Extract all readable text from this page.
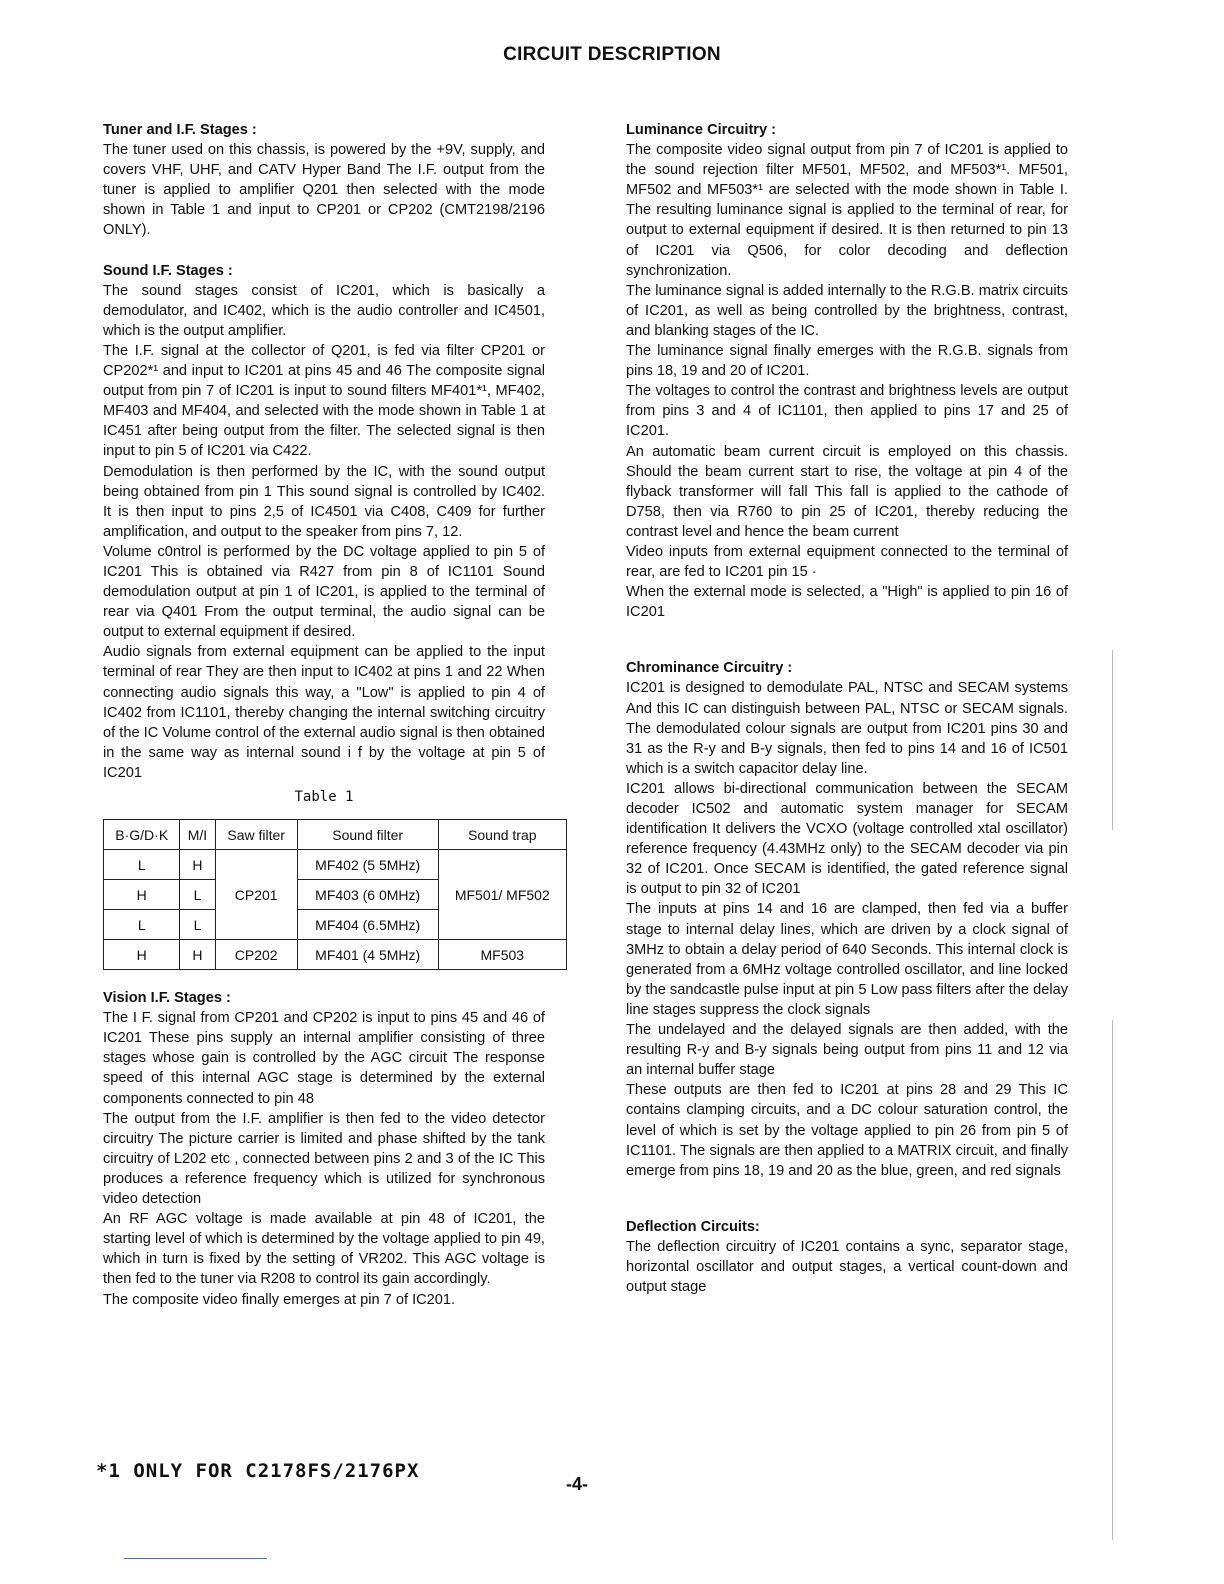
CIRCUIT DESCRIPTION

Tuner and I.F. Stages :

The tuner used on this chassis, is powered by the +9V, supply, and covers VHF, UHF, and CATV Hyper Band The I.F. output from the tuner is applied to amplifier Q201 then selected with the mode shown in Table 1 and input to CP201 or CP202 (CMT2198/2196 ONLY).

Sound I.F. Stages :

The sound stages consist of IC201, which is basically a demodulator, and IC402, which is the audio controller and IC4501, which is the output amplifier.

The I.F. signal at the collector of Q201, is fed via filter CP201 or CP202*¹ and input to IC201 at pins 45 and 46 The composite signal output from pin 7 of IC201 is input to sound filters MF401*¹, MF402, MF403 and MF404, and selected with the mode shown in Table 1 at IC451 after being output from the filter. The selected signal is then input to pin 5 of IC201 via C422.

Demodulation is then performed by the IC, with the sound output being obtained from pin 1 This sound signal is controlled by IC402. It is then input to pins 2,5 of IC4501 via C408, C409 for further amplification, and output to the speaker from pins 7, 12.

Volume c0ntrol is performed by the DC voltage applied to pin 5 of IC201 This is obtained via R427 from pin 8 of IC1101 Sound demodulation output at pin 1 of IC201, is applied to the terminal of rear via Q401 From the output terminal, the audio signal can be output to external equipment if desired.

Audio signals from external equipment can be applied to the input terminal of rear They are then input to IC402 at pins 1 and 22 When connecting audio signals this way, a "Low" is applied to pin 4 of IC402 from IC1101, thereby changing the internal switching circuitry of the IC Volume control of the external audio signal is then obtained in the same way as internal sound i f by the voltage at pin 5 of IC201

Table 1
B·G/D·K	M/I	Saw filter	Sound filter	Sound trap
L	H	CP201	MF402 (5 5MHz)	MF501/ MF502
H	L		MF403 (6 0MHz)	
L	L		MF404 (6.5MHz)	
H	H	CP202	MF401 (4 5MHz)	MF503

Vision I.F. Stages :

The I F. signal from CP201 and CP202 is input to pins 45 and 46 of IC201 These pins supply an internal amplifier consisting of three stages whose gain is controlled by the AGC circuit The response speed of this internal AGC stage is determined by the external components connected to pin 48

The output from the I.F. amplifier is then fed to the video detector circuitry The picture carrier is limited and phase shifted by the tank circuitry of L202 etc , connected between pins 2 and 3 of the IC This produces a reference frequency which is utilized for synchronous video detection

An RF AGC voltage is made available at pin 48 of IC201, the starting level of which is determined by the voltage applied to pin 49, which in turn is fixed by the setting of VR202. This AGC voltage is then fed to the tuner via R208 to control its gain accordingly.

The composite video finally emerges at pin 7 of IC201.

Luminance Circuitry :

The composite video signal output from pin 7 of IC201 is applied to the sound rejection filter MF501, MF502, and MF503*¹. MF501, MF502 and MF503*¹ are selected with the mode shown in Table I. The resulting luminance signal is applied to the terminal of rear, for output to external equipment if desired. It is then returned to pin 13 of IC201 via Q506, for color decoding and deflection synchronization.

The luminance signal is added internally to the R.G.B. matrix circuits of IC201, as well as being controlled by the brightness, contrast, and blanking stages of the IC.

The luminance signal finally emerges with the R.G.B. signals from pins 18, 19 and 20 of IC201.

The voltages to control the contrast and brightness levels are output from pins 3 and 4 of IC1101, then applied to pins 17 and 25 of IC201.

An automatic beam current circuit is employed on this chassis. Should the beam current start to rise, the voltage at pin 4 of the flyback transformer will fall This fall is applied to the cathode of D758, then via R760 to pin 25 of IC201, thereby reducing the contrast level and hence the beam current

Video inputs from external equipment connected to the terminal of rear, are fed to IC201 pin 15 ·

When the external mode is selected, a "High" is applied to pin 16 of IC201

Chrominance Circuitry :

IC201 is designed to demodulate PAL, NTSC and SECAM systems And this IC can distinguish between PAL, NTSC or SECAM signals. The demodulated colour signals are output from IC201 pins 30 and 31 as the R-y and B-y signals, then fed to pins 14 and 16 of IC501 which is a switch capacitor delay line.

IC201 allows bi-directional communication between the SECAM decoder IC502 and automatic system manager for SECAM identification It delivers the VCXO (voltage controlled xtal oscillator) reference frequency (4.43MHz only) to the SECAM decoder via pin 32 of IC201. Once SECAM is identified, the gated reference signal is output to pin 32 of IC201

The inputs at pins 14 and 16 are clamped, then fed via a buffer stage to internal delay lines, which are driven by a clock signal of 3MHz to obtain a delay period of 640 Seconds. This internal clock is generated from a 6MHz voltage controlled oscillator, and line locked by the sandcastle pulse input at pin 5 Low pass filters after the delay line stages suppress the clock signals

The undelayed and the delayed signals are then added, with the resulting R-y and B-y signals being output from pins 11 and 12 via an internal buffer stage

These outputs are then fed to IC201 at pins 28 and 29 This IC contains clamping circuits, and a DC colour saturation control, the level of which is set by the voltage applied to pin 26 from pin 5 of IC1101. The signals are then applied to a MATRIX circuit, and finally emerge from pins 18, 19 and 20 as the blue, green, and red signals

Deflection Circuits:

The deflection circuitry of IC201 contains a sync, separator stage, horizontal oscillator and output stages, a vertical count-down and output stage

*1 ONLY FOR C2178FS/2176PX
-4-
